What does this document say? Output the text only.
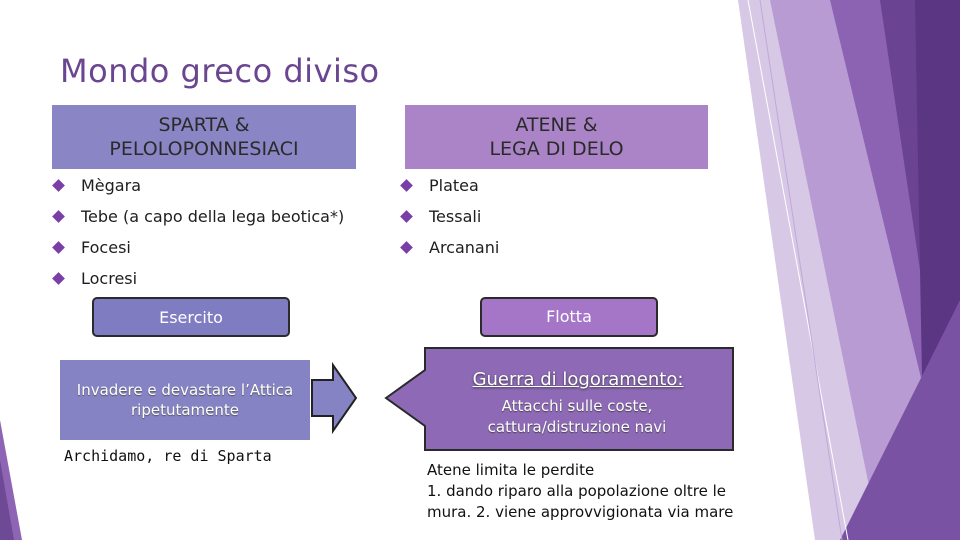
Mondo greco diviso
SPARTA &
PELOLOPONNESIACI
ATENE &
LEGA DI DELO
Mègara
Tebe (a capo della lega beotica*)
Focesi
Locresi
Platea
Tessali
Arcanani
Esercito	Flotta
Invadere e devastare l’Attica
ripetutamente
Archidamo, re di Sparta
Guerra di logoramento:
Attacchi sulle coste,
cattura/distruzione navi
Atene limita le perdite
1. dando riparo alla popolazione oltre le
mura. 2. viene approvvigionata via mare
